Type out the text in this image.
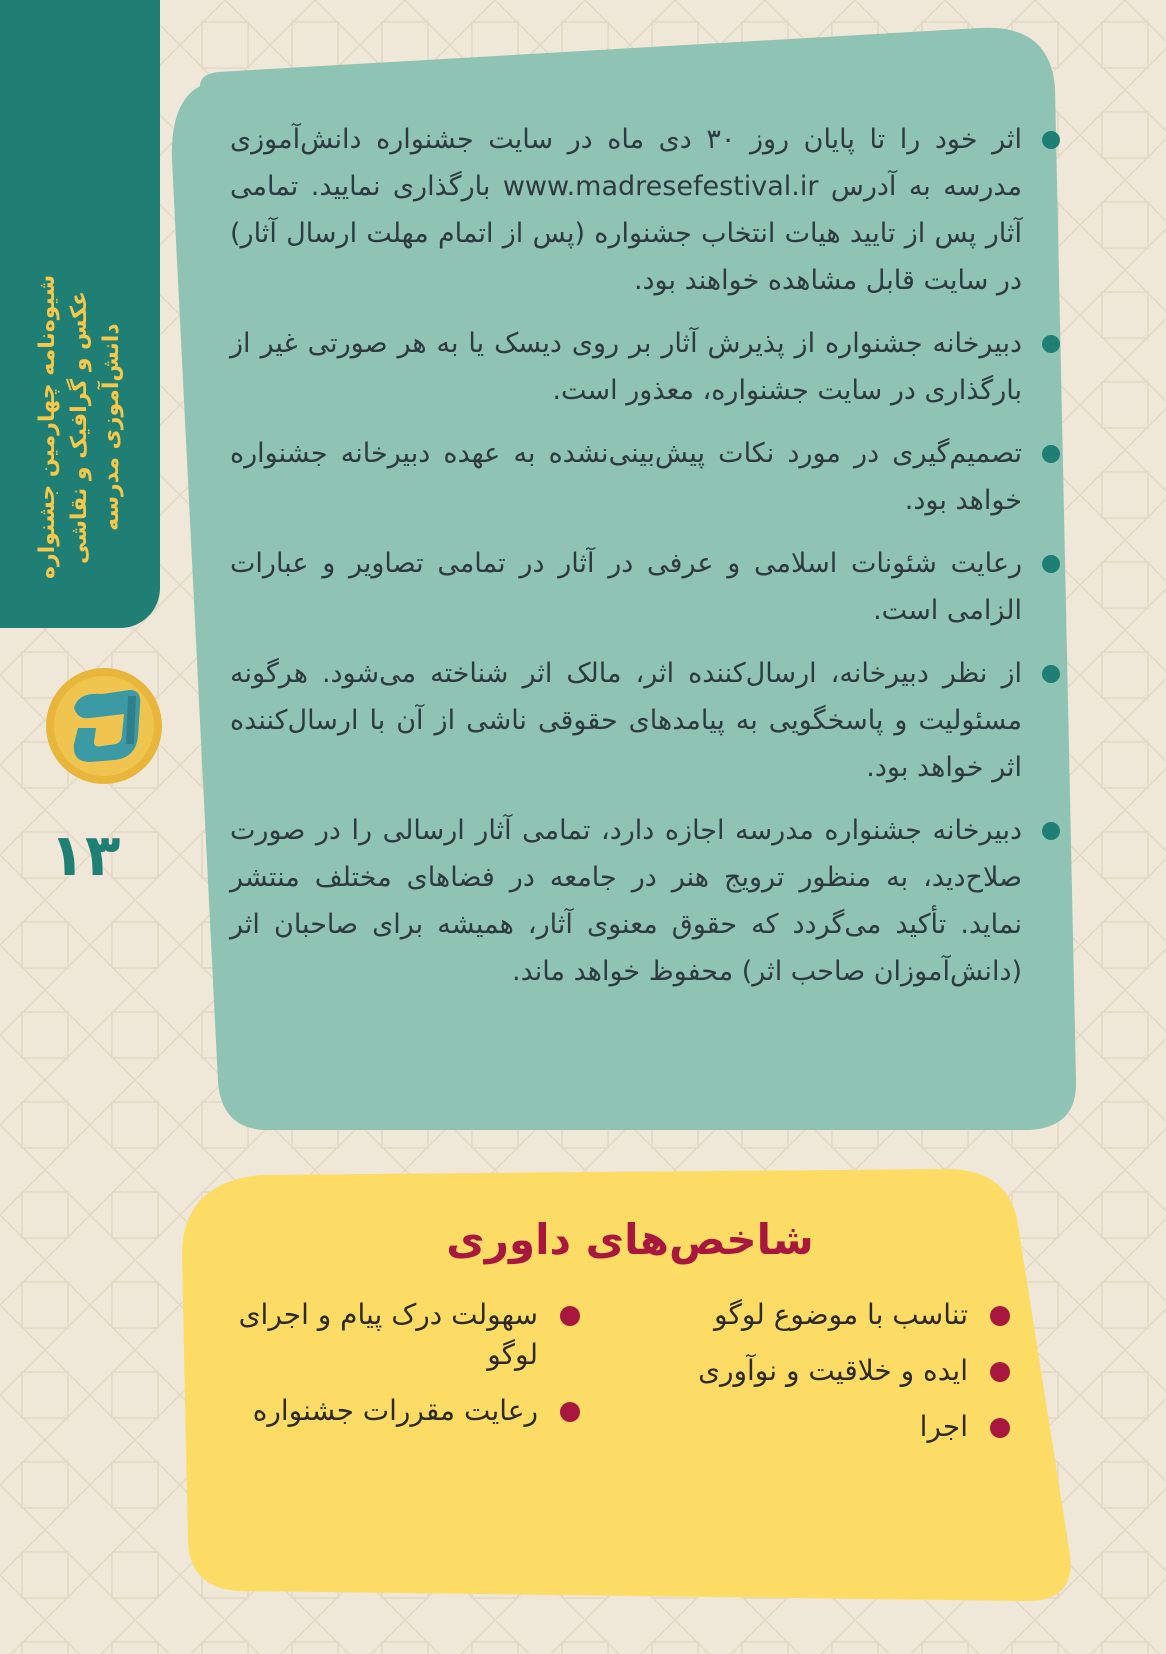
شیوه‌نامه چهارمین جشنواره عکس و گرافیک و نقاشی دانش‌آموزی مدرسه
۱۳
اثر خود را تا پایان روز ۳۰ دی ماه در سایت جشنواره دانش‌آموزی مدرسه به آدرس www.madresefestival.ir بارگذاری نمایید. تمامی آثار پس از تایید هیات انتخاب جشنواره (پس از اتمام مهلت ارسال آثار) در سایت قابل مشاهده خواهند بود.
دبیرخانه جشنواره از پذیرش آثار بر روی دیسک یا به هر صورتی غیر از بارگذاری در سایت جشنواره، معذور است.
تصمیم‌گیری در مورد نکات پیش‌بینی‌نشده به عهده دبیرخانه جشنواره خواهد بود.
رعایت شئونات اسلامی و عرفی در آثار در تمامی تصاویر و عبارات الزامی است.
از نظر دبیرخانه، ارسال‌کننده اثر، مالک اثر شناخته می‌شود. هرگونه مسئولیت و پاسخگویی به پیامدهای حقوقی ناشی از آن با ارسال‌کننده اثر خواهد بود.
دبیرخانه جشنواره مدرسه اجازه دارد، تمامی آثار ارسالی را در صورت صلاح‌دید، به منظور ترویج هنر در جامعه در فضاهای مختلف منتشر نماید. تأکید می‌گردد که حقوق معنوی آثار، همیشه برای صاحبان اثر (دانش‌آموزان صاحب اثر) محفوظ خواهد ماند.
شاخص‌های داوری
تناسب با موضوع لوگو
ایده و خلاقیت و نوآوری
اجرا
سهولت درک پیام و اجرای لوگو
رعایت مقررات جشنواره
